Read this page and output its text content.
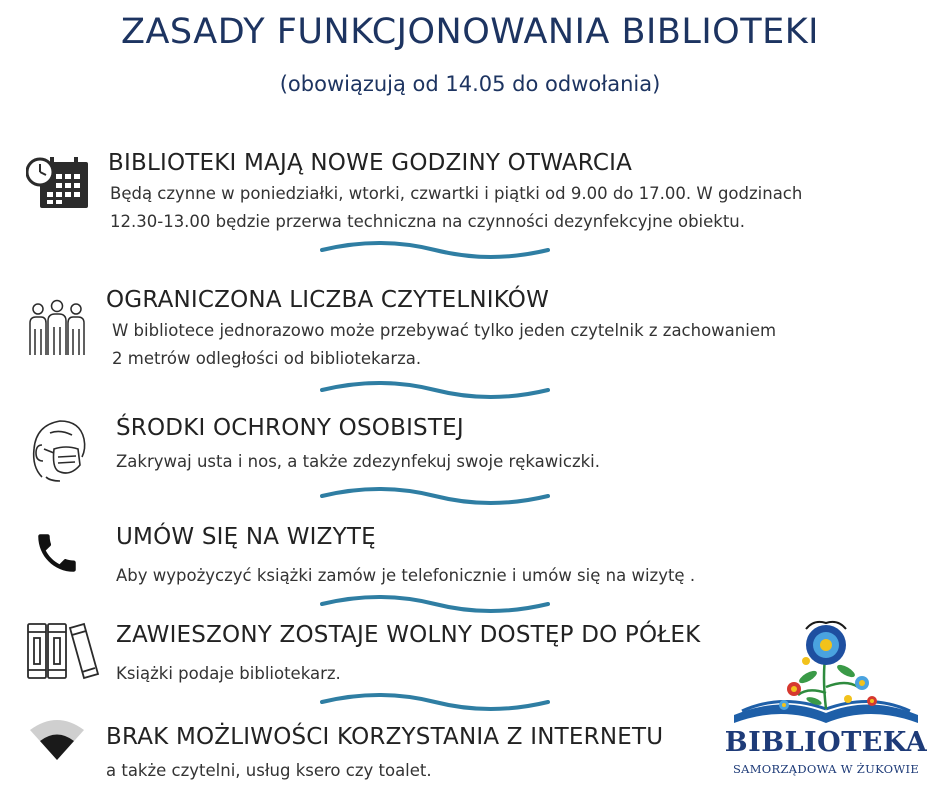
ZASADY FUNKCJONOWANIA BIBLIOTEKI
(obowiązują od 14.05 do odwołania)
BIBLIOTEKI MAJĄ NOWE GODZINY OTWARCIA
Będą czynne w poniedziałki, wtorki, czwartki i piątki od 9.00 do 17.00. W godzinach
12.30-13.00 będzie przerwa techniczna na czynności dezynfekcyjne obiektu.
OGRANICZONA LICZBA CZYTELNIKÓW
W bibliotece jednorazowo może przebywać tylko jeden czytelnik z zachowaniem
2 metrów odległości od bibliotekarza.
ŚRODKI OCHRONY OSOBISTEJ
Zakrywaj usta i nos, a także zdezynfekuj swoje rękawiczki.
UMÓW SIĘ NA WIZYTĘ
Aby wypożyczyć książki zamów je telefonicznie i umów się na wizytę .
ZAWIESZONY ZOSTAJE WOLNY DOSTĘP DO PÓŁEK
Książki podaje bibliotekarz.
BRAK MOŻLIWOŚCI KORZYSTANIA Z INTERNETU
a także czytelni, usług ksero czy toalet.
BIBLIOTEKA
SAMORZĄDOWA W ŻUKOWIE
